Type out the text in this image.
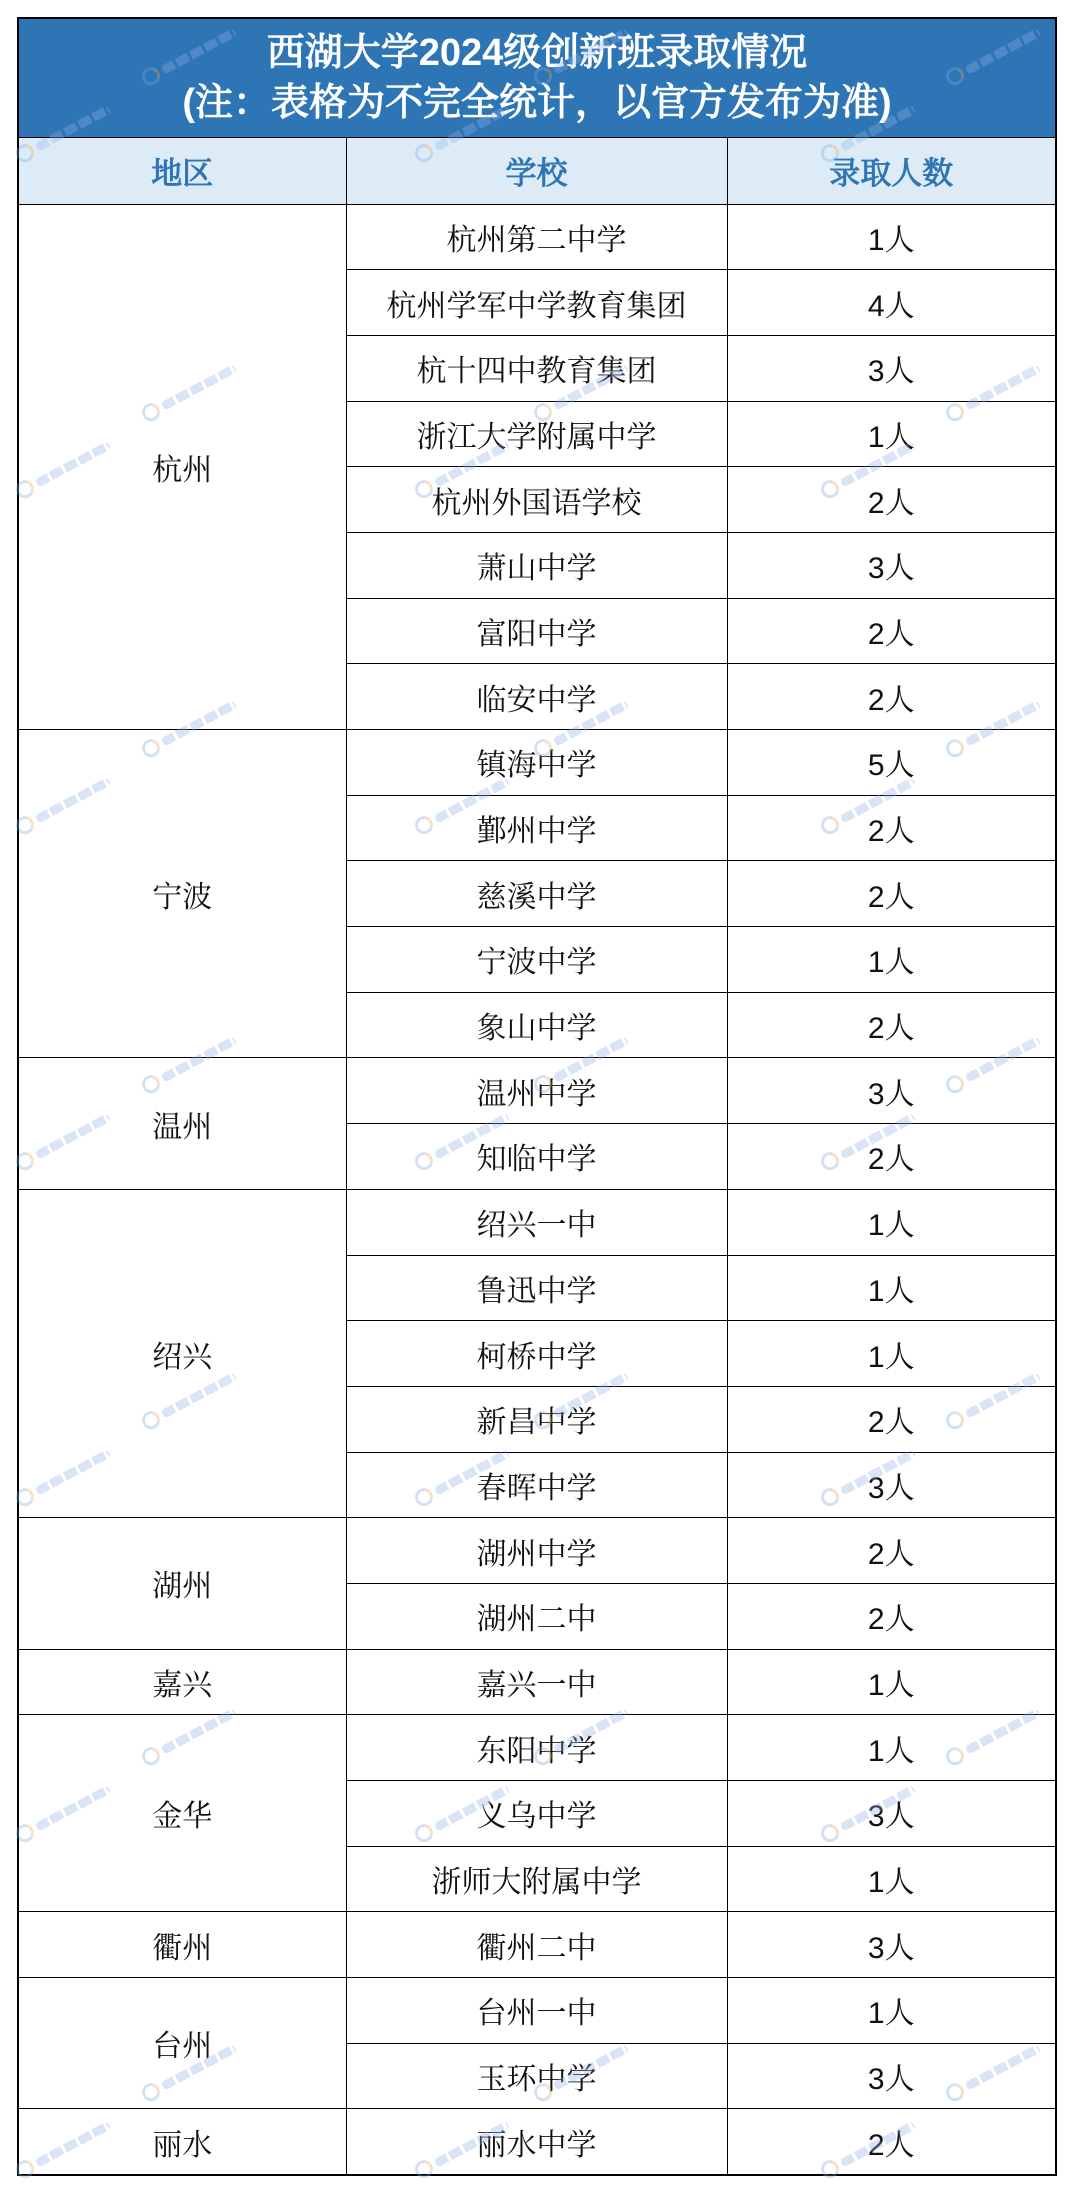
西湖大学2024级创新班录取情况
(注：表格为不完全统计，以官方发布为准)		

地区	学校	录取人数
杭州	杭州第二中学	1人
	杭州学军中学教育集团	4人
	杭十四中教育集团	3人
	浙江大学附属中学	1人
	杭州外国语学校	2人
	萧山中学	3人
	富阳中学	2人
	临安中学	2人
宁波	镇海中学	5人
	鄞州中学	2人
	慈溪中学	2人
	宁波中学	1人
	象山中学	2人
温州	温州中学	3人
	知临中学	2人
绍兴	绍兴一中	1人
	鲁迅中学	1人
	柯桥中学	1人
	新昌中学	2人
	春晖中学	3人
湖州	湖州中学	2人
	湖州二中	2人
嘉兴	嘉兴一中	1人
金华	东阳中学	1人
	义乌中学	3人
	浙师大附属中学	1人
衢州	衢州二中	3人
台州	台州一中	1人
	玉环中学	3人
丽水	丽水中学	2人
